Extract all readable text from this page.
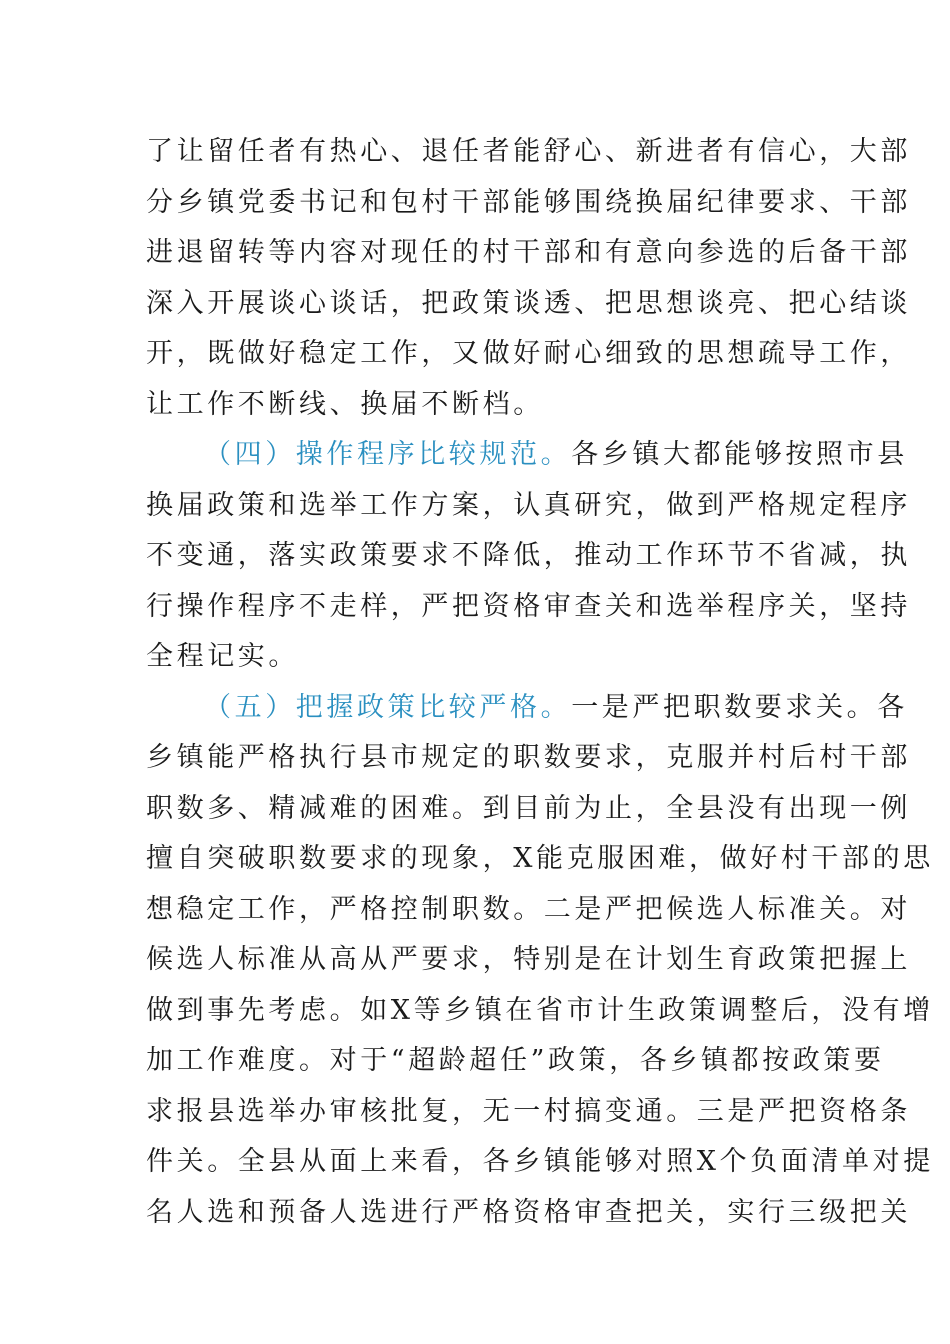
了让留任者有热心、退任者能舒心、新进者有信心，大部
分乡镇党委书记和包村干部能够围绕换届纪律要求、干部
进退留转等内容对现任的村干部和有意向参选的后备干部
深入开展谈心谈话，把政策谈透、把思想谈亮、把心结谈
开，既做好稳定工作，又做好耐心细致的思想疏导工作，
让工作不断线、换届不断档。
（四）操作程序比较规范。各乡镇大都能够按照市县
换届政策和选举工作方案，认真研究，做到严格规定程序
不变通，落实政策要求不降低，推动工作环节不省减，执
行操作程序不走样，严把资格审查关和选举程序关，坚持
全程记实。
（五）把握政策比较严格。一是严把职数要求关。各
乡镇能严格执行县市规定的职数要求，克服并村后村干部
职数多、精减难的困难。到目前为止，全县没有出现一例
擅自突破职数要求的现象，X能克服困难，做好村干部的思
想稳定工作，严格控制职数。二是严把候选人标准关。对
候选人标准从高从严要求，特别是在计划生育政策把握上
做到事先考虑。如X等乡镇在省市计生政策调整后，没有增
加工作难度。对于“超龄超任”政策，各乡镇都按政策要
求报县选举办审核批复，无一村搞变通。三是严把资格条
件关。全县从面上来看，各乡镇能够对照X个负面清单对提
名人选和预备人选进行严格资格审查把关，实行三级把关
